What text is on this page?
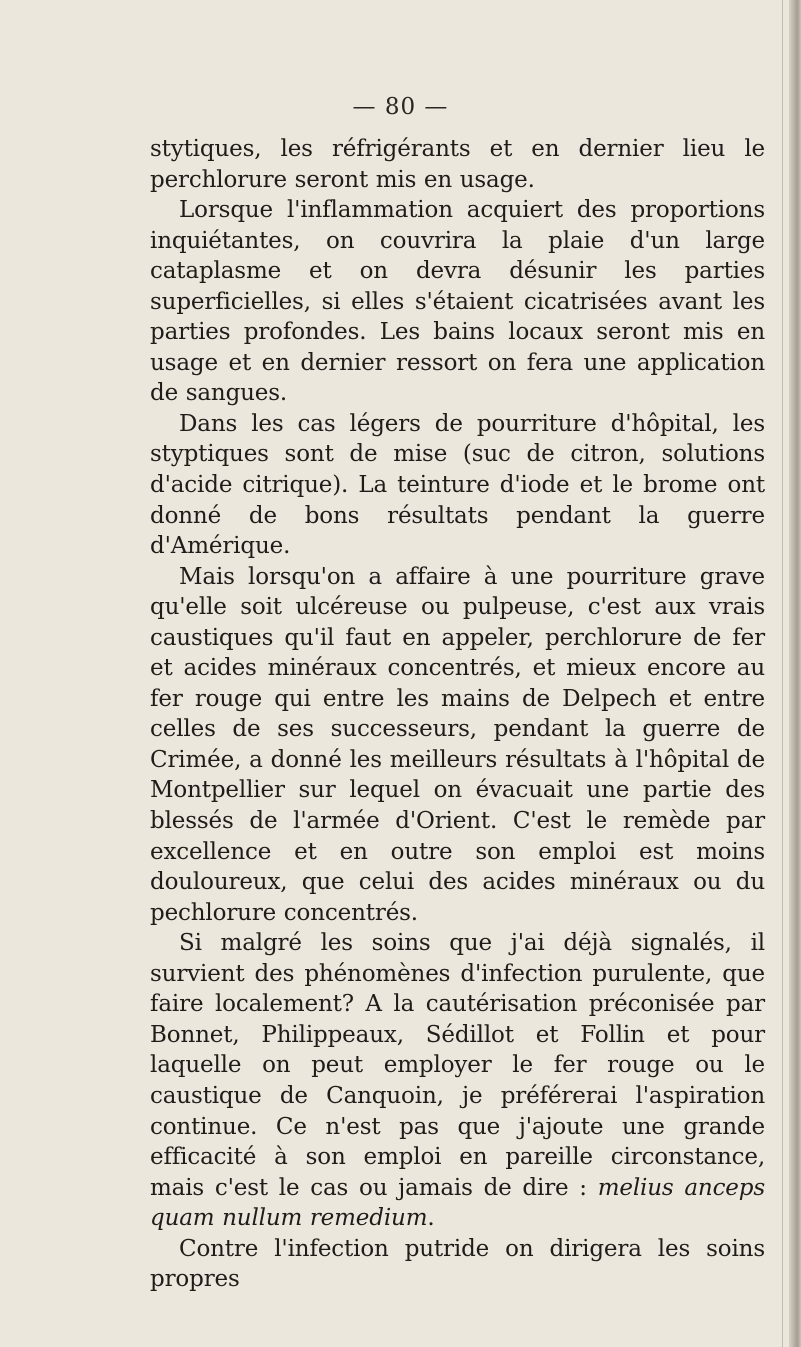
— 80 —

stytiques, les réfrigérants et en dernier lieu le perchlorure seront mis en usage.

Lorsque l'inflammation acquiert des proportions inquiétantes, on couvrira la plaie d'un large cataplasme et on devra désunir les parties superficielles, si elles s'étaient cicatrisées avant les parties profondes. Les bains locaux seront mis en usage et en dernier ressort on fera une application de sangues.

Dans les cas légers de pourriture d'hôpital, les styptiques sont de mise (suc de citron, solutions d'acide citrique). La teinture d'iode et le brome ont donné de bons résultats pendant la guerre d'Amérique.

Mais lorsqu'on a affaire à une pourriture grave qu'elle soit ulcéreuse ou pulpeuse, c'est aux vrais caustiques qu'il faut en appeler, perchlorure de fer et acides minéraux concentrés, et mieux encore au fer rouge qui entre les mains de Delpech et entre celles de ses successeurs, pendant la guerre de Crimée, a donné les meilleurs résultats à l'hôpital de Montpellier sur lequel on évacuait une partie des blessés de l'armée d'Orient. C'est le remède par excellence et en outre son emploi est moins douloureux, que celui des acides minéraux ou du pechlorure concentrés.

Si malgré les soins que j'ai déjà signalés, il survient des phénomènes d'infection purulente, que faire localement? A la cautérisation préconisée par Bonnet, Philippeaux, Sédillot et Follin et pour laquelle on peut employer le fer rouge ou le caustique de Canquoin, je préférerai l'aspiration continue. Ce n'est pas que j'ajoute une grande efficacité à son emploi en pareille circonstance, mais c'est le cas ou jamais de dire : melius anceps quam nullum remedium.

Contre l'infection putride on dirigera les soins propres
